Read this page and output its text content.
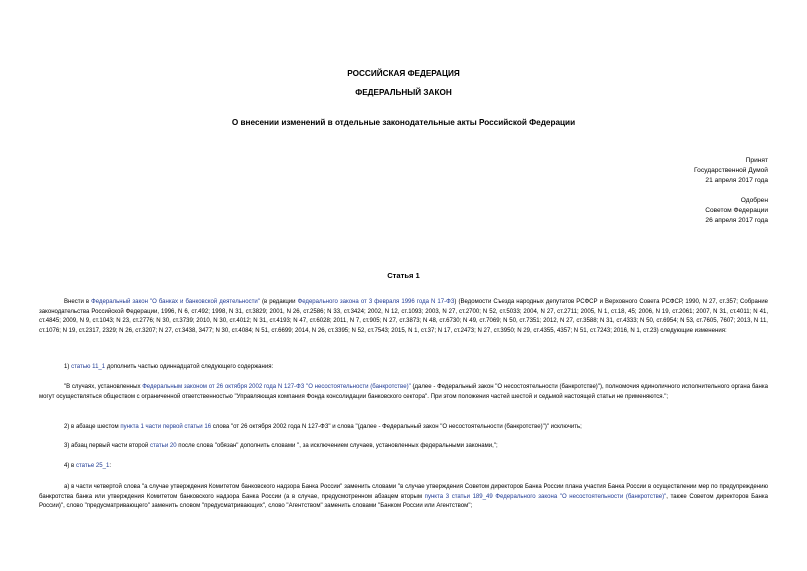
РОССИЙСКАЯ ФЕДЕРАЦИЯ
ФЕДЕРАЛЬНЫЙ ЗАКОН
О внесении изменений в отдельные законодательные акты Российской Федерации
Принят
Государственной Думой
21 апреля 2017 года
Одобрен
Советом Федерации
26 апреля 2017 года
Статья 1
Внести в Федеральный закон "О банках и банковской деятельности" (в редакции Федерального закона от 3 февраля 1996 года N 17-ФЗ) (Ведомости Съезда народных депутатов РСФСР и Верховного Совета РСФСР, 1990, N 27, ст.357; Собрание законодательства Российской Федерации, 1996, N 6, ст.492; 1998, N 31, ст.3829; 2001, N 26, ст.2586; N 33, ст.3424; 2002, N 12, ст.1093; 2003, N 27, ст.2700; N 52, ст.5033; 2004, N 27, ст.2711; 2005, N 1, ст.18, 45; 2006, N 19, ст.2061; 2007, N 31, ст.4011; N 41, ст.4845; 2009, N 9, ст.1043; N 23, ст.2776; N 30, ст.3739; 2010, N 30, ст.4012; N 31, ст.4193; N 47, ст.6028; 2011, N 7, ст.905; N 27, ст.3873; N 48, ст.6730; N 49, ст.7069; N 50, ст.7351; 2012, N 27, ст.3588; N 31, ст.4333; N 50, ст.6954; N 53, ст.7605, 7607; 2013, N 11, ст.1076; N 19, ст.2317, 2329; N 26, ст.3207; N 27, ст.3438, 3477; N 30, ст.4084; N 51, ст.6699; 2014, N 26, ст.3395; N 52, ст.7543; 2015, N 1, ст.37; N 17, ст.2473; N 27, ст.3950; N 29, ст.4355, 4357; N 51, ст.7243; 2016, N 1, ст.23) следующие изменения:
1) статью 11_1 дополнить частью одиннадцатой следующего содержания:
"В случаях, установленных Федеральным законом от 26 октября 2002 года N 127-ФЗ "О несостоятельности (банкротстве)" (далее - Федеральный закон "О несостоятельности (банкротстве)"), полномочия единоличного исполнительного органа банка могут осуществляться обществом с ограниченной ответственностью "Управляющая компания Фонда консолидации банковского сектора". При этом положения частей шестой и седьмой настоящей статьи не применяются.";
2) в абзаце шестом пункта 1 части первой статьи 16 слова "от 26 октября 2002 года N 127-ФЗ" и слова "(далее - Федеральный закон "О несостоятельности (банкротстве)")" исключить;
3) абзац первый части второй статьи 20 после слова "обязан" дополнить словами ", за исключением случаев, установленных федеральными законами,";
4) в статье 25_1:
а) в части четвертой слова "а случае утверждения Комитетом банковского надзора Банка России" заменить словами "в случае утверждения Советом директоров Банка России плана участия Банка России в осуществлении мер по предупреждению банкротства банка или утверждения Комитетом банковского надзора Банка России (а в случае, предусмотренном абзацем вторым пункта 3 статьи 189_49 Федерального закона "О несостоятельности (банкротстве)", также Советом директоров Банка России)", слово "предусматривающего" заменить словом "предусматривающих", слово "Агентством" заменить словами "Банком России или Агентством";
